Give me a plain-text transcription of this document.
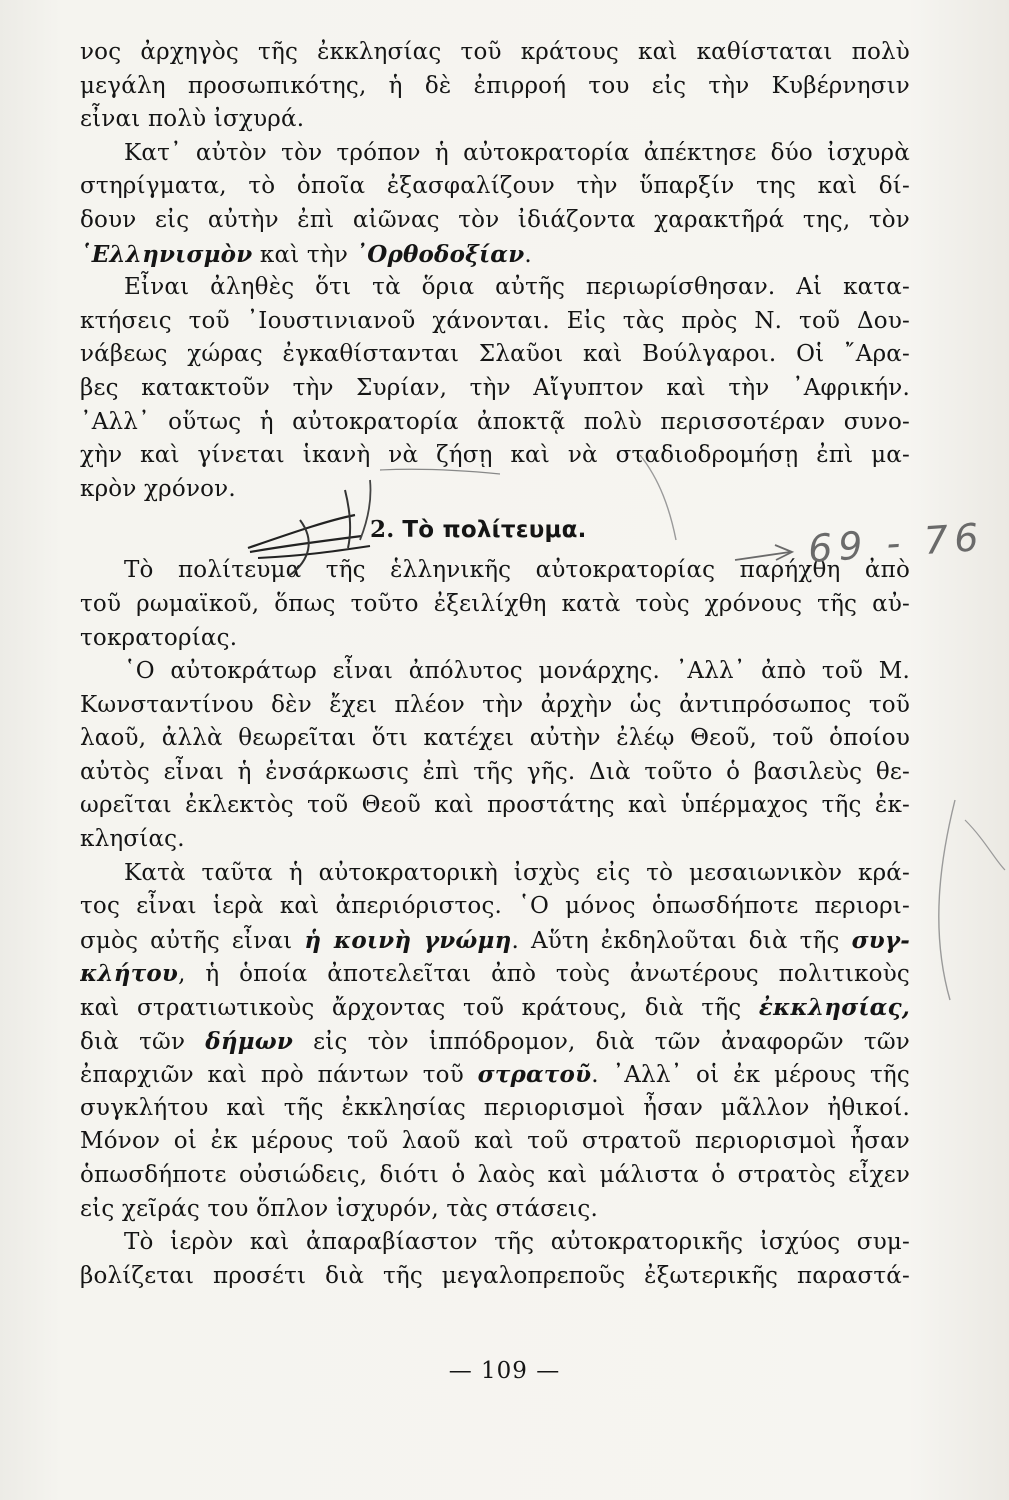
νος ἀρχηγὸς τῆς ἐκκλησίας τοῦ κράτους καὶ καθίσταται πολὺ
μεγάλη προσωπικότης, ἡ δὲ ἐπιρροή του εἰς τὴν Κυβέρνησιν
εἶναι πολὺ ἰσχυρά.
Κατ᾿ αὐτὸν τὸν τρόπον ἡ αὐτοκρατορία ἀπέκτησε δύο ἰσχυρὰ
στηρίγματα, τὸ ὁποῖα ἐξασφαλίζουν τὴν ὕπαρξίν της καὶ δί-
δουν εἰς αὐτὴν ἐπὶ αἰῶνας τὸν ἰδιάζοντα χαρακτῆρά της, τὸν
῾Ελληνισμὸν καὶ τὴν ᾿Ορθοδοξίαν.
Εἶναι ἀληθὲς ὅτι τὰ ὅρια αὐτῆς περιωρίσθησαν. Αἱ κατα-
κτήσεις τοῦ ᾿Ιουστινιανοῦ χάνονται. Εἰς τὰς πρὸς Ν. τοῦ Δου-
νάβεως χώρας ἐγκαθίστανται Σλαῦοι καὶ Βούλγαροι. Οἱ ῎Αρα-
βες κατακτοῦν τὴν Συρίαν, τὴν Αἴγυπτον καὶ τὴν ᾿Αφρικήν.
᾿Αλλ᾿ οὕτως ἡ αὐτοκρατορία ἀποκτᾷ πολὺ περισσοτέραν συνο-
χὴν καὶ γίνεται ἱκανὴ νὰ ζήσῃ καὶ νὰ σταδιοδρομήσῃ ἐπὶ μα-
κρὸν χρόνον.
2. Τὸ πολίτευμα.
Τὸ πολίτευμα τῆς ἑλληνικῆς αὐτοκρατορίας παρήχθη ἀπὸ
τοῦ ρωμαϊκοῦ, ὅπως τοῦτο ἐξειλίχθη κατὰ τοὺς χρόνους τῆς αὐ-
τοκρατορίας.
῾Ο αὐτοκράτωρ εἶναι ἀπόλυτος μονάρχης. ᾿Αλλ᾿ ἀπὸ τοῦ Μ.
Κωνσταντίνου δὲν ἔχει πλέον τὴν ἀρχὴν ὡς ἀντιπρόσωπος τοῦ
λαοῦ, ἀλλὰ θεωρεῖται ὅτι κατέχει αὐτὴν ἐλέῳ Θεοῦ, τοῦ ὁποίου
αὐτὸς εἶναι ἡ ἐνσάρκωσις ἐπὶ τῆς γῆς. Διὰ τοῦτο ὁ βασιλεὺς θε-
ωρεῖται ἐκλεκτὸς τοῦ Θεοῦ καὶ προστάτης καὶ ὑπέρμαχος τῆς ἐκ-
κλησίας.
Κατὰ ταῦτα ἡ αὐτοκρατορικὴ ἰσχὺς εἰς τὸ μεσαιωνικὸν κρά-
τος εἶναι ἱερὰ καὶ ἀπεριόριστος. ῾Ο μόνος ὁπωσδήποτε περιορι-
σμὸς αὐτῆς εἶναι ἡ κοινὴ γνώμη. Αὕτη ἐκδηλοῦται διὰ τῆς συγ-
κλήτου, ἡ ὁποία ἀποτελεῖται ἀπὸ τοὺς ἀνωτέρους πολιτικοὺς
καὶ στρατιωτικοὺς ἄρχοντας τοῦ κράτους, διὰ τῆς ἐκκλησίας,
διὰ τῶν δήμων εἰς τὸν ἱππόδρομον, διὰ τῶν ἀναφορῶν τῶν
ἐπαρχιῶν καὶ πρὸ πάντων τοῦ στρατοῦ. ᾿Αλλ᾿ οἱ ἐκ μέρους τῆς
συγκλήτου καὶ τῆς ἐκκλησίας περιορισμοὶ ἦσαν μᾶλλον ἠθικοί.
Μόνον οἱ ἐκ μέρους τοῦ λαοῦ καὶ τοῦ στρατοῦ περιορισμοὶ ἦσαν
ὁπωσδήποτε οὐσιώδεις, διότι ὁ λαὸς καὶ μάλιστα ὁ στρατὸς εἶχεν
εἰς χεῖράς του ὅπλον ἰσχυρόν, τὰς στάσεις.
Τὸ ἱερὸν καὶ ἀπαραβίαστον τῆς αὐτοκρατορικῆς ἰσχύος συμ-
βολίζεται προσέτι διὰ τῆς μεγαλοπρεποῦς ἐξωτερικῆς παραστά-
69 - 76
— 109 —
